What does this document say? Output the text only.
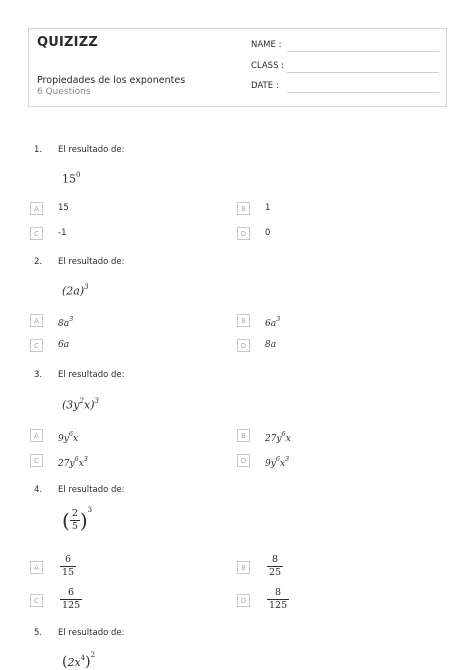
QUIZIZZ
Propiedades de los exponentes
6 Questions
NAME :
CLASS :
DATE :
1.	El resultado de:
$15^0$
A	15	B	1
C	-1	D	0
2.	El resultado de:
$(2a)^3$
A	$8a^3$	B	$6a^3$
C	6a	D	8a
3.	El resultado de:
$(3y^2x)^3$
A	$9y^6x$	B	$27y^6x$
C	$27y^6x^3$	D	$9y^6x^3$
4.	El resultado de:
( $\frac{2}{5} )^3$
A	$\frac{6}{15}$	B	$\frac{8}{25}$
C	$\frac{6}{125}$	D	$\frac{8}{125}$
5.	El resultado de:
$(2x^4)^2$
